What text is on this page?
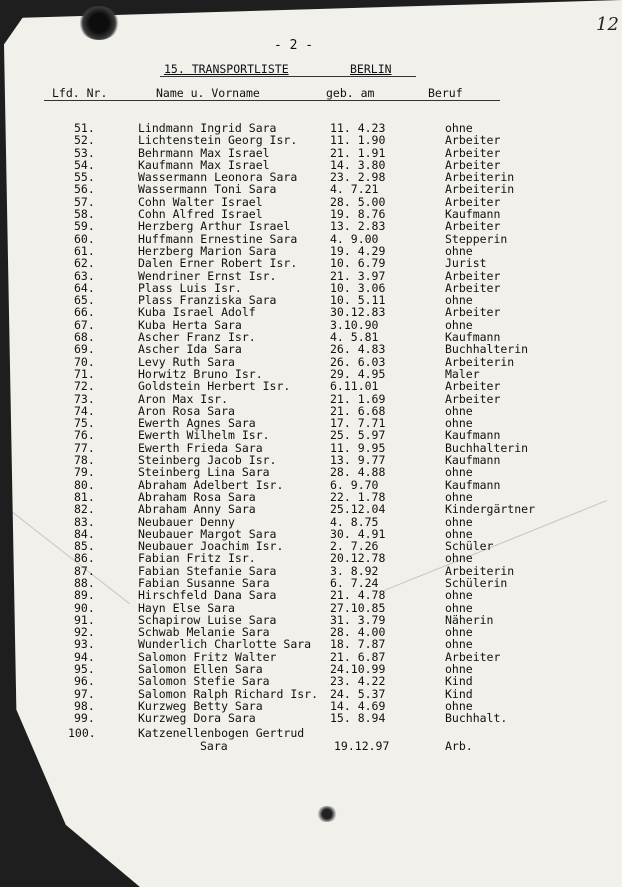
12
- 2 -
15. TRANSPORTLISTE	BERLIN
Lfd. Nr.	Name u. Vorname	geb. am	Beruf
51.	Lindmann Ingrid Sara	11. 4.23	ohne
52.	Lichtenstein Georg Isr.	11. 1.90	Arbeiter
53.	Behrmann Max Israel	21. 1.91	Arbeiter
54.	Kaufmann Max Israel	14. 3.80	Arbeiter
55.	Wassermann Leonora Sara	23. 2.98	Arbeiterin
56.	Wassermann Toni Sara	4. 7.21	Arbeiterin
57.	Cohn Walter Israel	28. 5.00	Arbeiter
58.	Cohn Alfred Israel	19. 8.76	Kaufmann
59.	Herzberg Arthur Israel	13. 2.83	Arbeiter
60.	Huffmann Ernestine Sara	4. 9.00	Stepperin
61.	Herzberg Marion Sara	19. 4.29	ohne
62.	Dalen Erner Robert Isr.	10. 6.79	Jurist
63.	Wendriner Ernst Isr.	21. 3.97	Arbeiter
64.	Plass Luis Isr.	10. 3.06	Arbeiter
65.	Plass Franziska Sara	10. 5.11	ohne
66.	Kuba Israel Adolf	30.12.83	Arbeiter
67.	Kuba Herta Sara	3.10.90	ohne
68.	Ascher Franz Isr.	4. 5.81	Kaufmann
69.	Ascher Ida Sara	26. 4.83	Buchhalterin
70.	Levy Ruth Sara	26. 6.03	Arbeiterin
71.	Horwitz Bruno Isr.	29. 4.95	Maler
72.	Goldstein Herbert Isr.	6.11.01	Arbeiter
73.	Aron Max Isr.	21. 1.69	Arbeiter
74.	Aron Rosa Sara	21. 6.68	ohne
75.	Ewerth Agnes Sara	17. 7.71	ohne
76.	Ewerth Wilhelm Isr.	25. 5.97	Kaufmann
77.	Ewerth Frieda Sara	11. 9.95	Buchhalterin
78.	Steinberg Jacob Isr.	13. 9.77	Kaufmann
79.	Steinberg Lina Sara	28. 4.88	ohne
80.	Abraham Adelbert Isr.	6. 9.70	Kaufmann
81.	Abraham Rosa Sara	22. 1.78	ohne
82.	Abraham Anny Sara	25.12.04	Kindergärtner
83.	Neubauer Denny	4. 8.75	ohne
84.	Neubauer Margot Sara	30. 4.91	ohne
85.	Neubauer Joachim Isr.	2. 7.26	Schüler
86.	Fabian Fritz Isr.	20.12.78	ohne
87.	Fabian Stefanie Sara	3. 8.92	Arbeiterin
88.	Fabian Susanne Sara	6. 7.24	Schülerin
89.	Hirschfeld Dana Sara	21. 4.78	ohne
90.	Hayn Else Sara	27.10.85	ohne
91.	Schapirow Luise Sara	31. 3.79	Näherin
92.	Schwab Melanie Sara	28. 4.00	ohne
93.	Wunderlich Charlotte Sara 18. 7.87	ohne
94.	Salomon Fritz Walter	21. 6.87	Arbeiter
95.	Salomon Ellen Sara	24.10.99	ohne
96.	Salomon Stefie Sara	23. 4.22	Kind
97.	Salomon Ralph Richard Isr. 24. 5.37	Kind
98.	Kurzweg Betty Sara	14. 4.69	ohne
99.	Kurzweg Dora Sara	15. 8.94	Buchhalt.
100.	Katzenellenbogen Gertrud
Sara	19.12.97	Arb.
